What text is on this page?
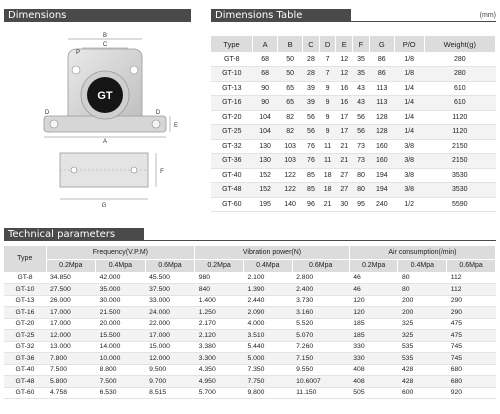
Dimensions	Dimensions Table	(mm)
Technical parameters
GT
B
C
P
D	D
E
A
F
G
Type	A	B	C	D	E	F	G	P/O	Weight(g)
GT-8	68	50	28	7	12	35	86	1/8	280
GT-10	68	50	28	7	12	35	86	1/8	280
GT-13	90	65	39	9	16	43	113	1/4	610
GT-16	90	65	39	9	16	43	113	1/4	610
GT-20	104	82	56	9	17	56	128	1/4	1120
GT-25	104	82	56	9	17	56	128	1/4	1120
GT-32	130	103	76	11	21	73	160	3/8	2150
GT-36	130	103	76	11	21	73	160	3/8	2150
GT-40	152	122	85	18	27	80	194	3/8	3530
GT-48	152	122	85	18	27	80	194	3/8	3530
GT-60	195	140	96	21	30	95	240	1/2	5590
Type	Frequency(V.P.M)			Vibration power(N)			Air consumption(/min)		
	0.2Mpa	0.4Mpa	0.6Mpa	0.2Mpa	0.4Mpa	0.6Mpa	0.2Mpa	0.4Mpa	0.6Mpa
GT-8	34.850	42.000	45.500	980	2.100	2.800	46	80	112
GT-10	27.500	35.000	37.500	840	1.390	2.400	46	80	112
GT-13	26.000	30.000	33.000	1.400	2.440	3.730	120	200	290
GT-16	17.000	21.500	24.000	1.250	2.090	3.160	120	200	290
GT-20	17.000	20.000	22.000	2.170	4.000	5.520	185	325	475
GT-25	12.000	15.500	17.000	2.120	3.510	5.070	185	325	475
GT-32	13.000	14.000	15.000	3.380	5.440	7.260	330	535	745
GT-36	7.800	10.000	12.000	3.300	5.000	7.150	330	535	745
GT-40	7.500	8.800	9.500	4.350	7.350	9.550	408	428	680
GT-48	5.800	7.500	9.700	4.950	7.750	10.6007	408	428	680
GT-60	4.758	6.530	8.515	5.700	9.800	11.150	505	600	920
